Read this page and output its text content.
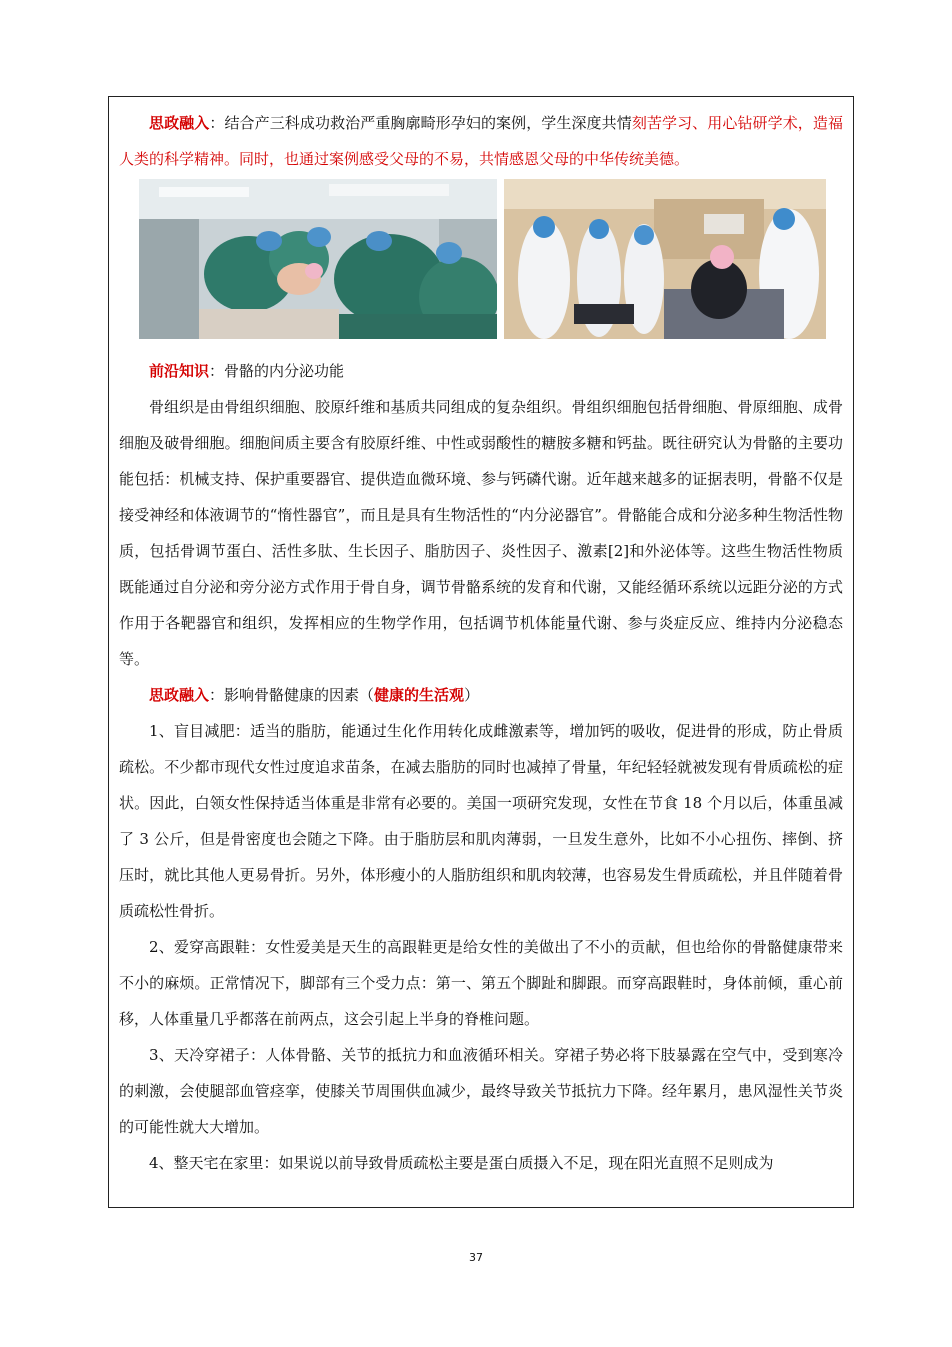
思政融入：结合产三科成功救治严重胸廓畸形孕妇的案例，学生深度共情刻苦学习、用心钻研学术，造福人类的科学精神。同时，也通过案例感受父母的不易，共情感恩父母的中华传统美德。

前沿知识：骨骼的内分泌功能

骨组织是由骨组织细胞、胶原纤维和基质共同组成的复杂组织。骨组织细胞包括骨细胞、骨原细胞、成骨细胞及破骨细胞。细胞间质主要含有胶原纤维、中性或弱酸性的糖胺多糖和钙盐。既往研究认为骨骼的主要功能包括：机械支持、保护重要器官、提供造血微环境、参与钙磷代谢。近年越来越多的证据表明，骨骼不仅是接受神经和体液调节的“惰性器官”，而且是具有生物活性的“内分泌器官”。骨骼能合成和分泌多种生物活性物质，包括骨调节蛋白、活性多肽、生长因子、脂肪因子、炎性因子、激素[2]和外泌体等。这些生物活性物质既能通过自分泌和旁分泌方式作用于骨自身，调节骨骼系统的发育和代谢，又能经循环系统以远距分泌的方式作用于各靶器官和组织，发挥相应的生物学作用，包括调节机体能量代谢、参与炎症反应、维持内分泌稳态等。

思政融入：影响骨骼健康的因素（健康的生活观）

1、盲目减肥：适当的脂肪，能通过生化作用转化成雌激素等，增加钙的吸收，促进骨的形成，防止骨质疏松。不少都市现代女性过度追求苗条，在减去脂肪的同时也减掉了骨量，年纪轻轻就被发现有骨质疏松的症状。因此，白领女性保持适当体重是非常有必要的。美国一项研究发现，女性在节食 18 个月以后，体重虽减了 3 公斤，但是骨密度也会随之下降。由于脂肪层和肌肉薄弱，一旦发生意外，比如不小心扭伤、摔倒、挤压时，就比其他人更易骨折。另外，体形瘦小的人脂肪组织和肌肉较薄，也容易发生骨质疏松，并且伴随着骨质疏松性骨折。

2、爱穿高跟鞋：女性爱美是天生的高跟鞋更是给女性的美做出了不小的贡献，但也给你的骨骼健康带来不小的麻烦。正常情况下，脚部有三个受力点：第一、第五个脚趾和脚跟。而穿高跟鞋时，身体前倾，重心前移，人体重量几乎都落在前两点，这会引起上半身的脊椎问题。

3、天冷穿裙子：人体骨骼、关节的抵抗力和血液循环相关。穿裙子势必将下肢暴露在空气中，受到寒冷的刺激，会使腿部血管痉挛，使膝关节周围供血减少，最终导致关节抵抗力下降。经年累月，患风湿性关节炎的可能性就大大增加。

4、整天宅在家里：如果说以前导致骨质疏松主要是蛋白质摄入不足，现在阳光直照不足则成为

37
